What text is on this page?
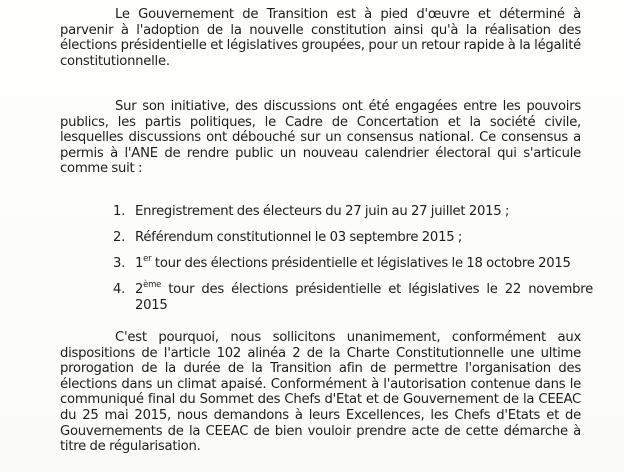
Le Gouvernement de Transition est à pied d'œuvre et déterminé à parvenir à l'adoption de la nouvelle constitution ainsi qu'à la réalisation des élections présidentielle et législatives groupées, pour un retour rapide à la légalité constitutionnelle.

Sur son initiative, des discussions ont été engagées entre les pouvoirs publics, les partis politiques, le Cadre de Concertation et la société civile, lesquelles discussions ont débouché sur un consensus national. Ce consensus a permis à l'ANE de rendre public un nouveau calendrier électoral qui s'articule comme suit :

1. Enregistrement des électeurs du 27 juin au 27 juillet 2015 ;
2. Référendum constitutionnel le 03 septembre 2015 ;
3. 1er tour des élections présidentielle et législatives le 18 octobre 2015
4. 2ème tour des élections présidentielle et législatives le 22 novembre 2015

C'est pourquoi, nous sollicitons unanimement, conformément aux dispositions de l'article 102 alinéa 2 de la Charte Constitutionnelle une ultime prorogation de la durée de la Transition afin de permettre l'organisation des élections dans un climat apaisé. Conformément à l'autorisation contenue dans le communiqué final du Sommet des Chefs d'Etat et de Gouvernement de la CEEAC du 25 mai 2015, nous demandons à leurs Excellences, les Chefs d'Etats et de Gouvernements de la CEEAC de bien vouloir prendre acte de cette démarche à titre de régularisation.
